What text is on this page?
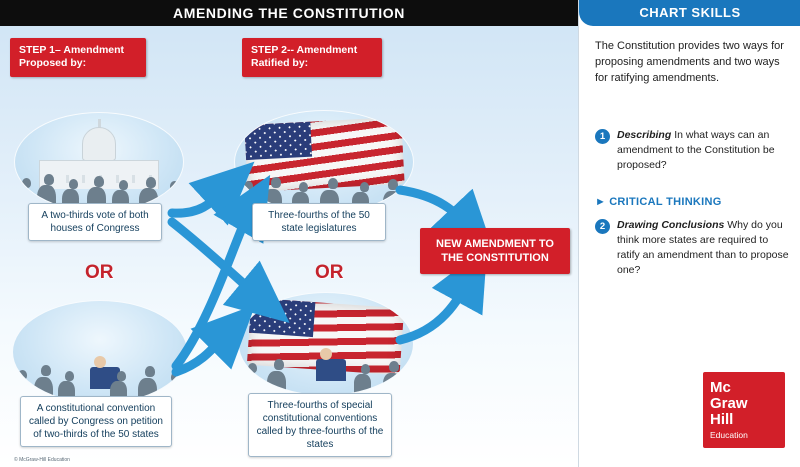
AMENDING THE CONSTITUTION
STEP 1– Amendment Proposed by:
STEP 2-- Amendment Ratified by:
A two-thirds vote of both houses of Congress
Three-fourths of the 50 state legislatures
A constitutional convention called by Congress on petition of two-thirds of the 50 states
Three-fourths of special constitutional conventions called by three-fourths of the states
OR	OR
NEW AMENDMENT TO THE CONSTITUTION
© McGraw-Hill Education
CHART SKILLS
The Constitution provides two ways for proposing amendments and two ways for ratifying amendments.
1	Describing In what ways can an amendment to the Constitution be proposed?
► CRITICAL THINKING
2	Drawing Conclusions Why do you think more states are required to ratify an amendment than to propose one?
Mc
Graw
Hill
Education
